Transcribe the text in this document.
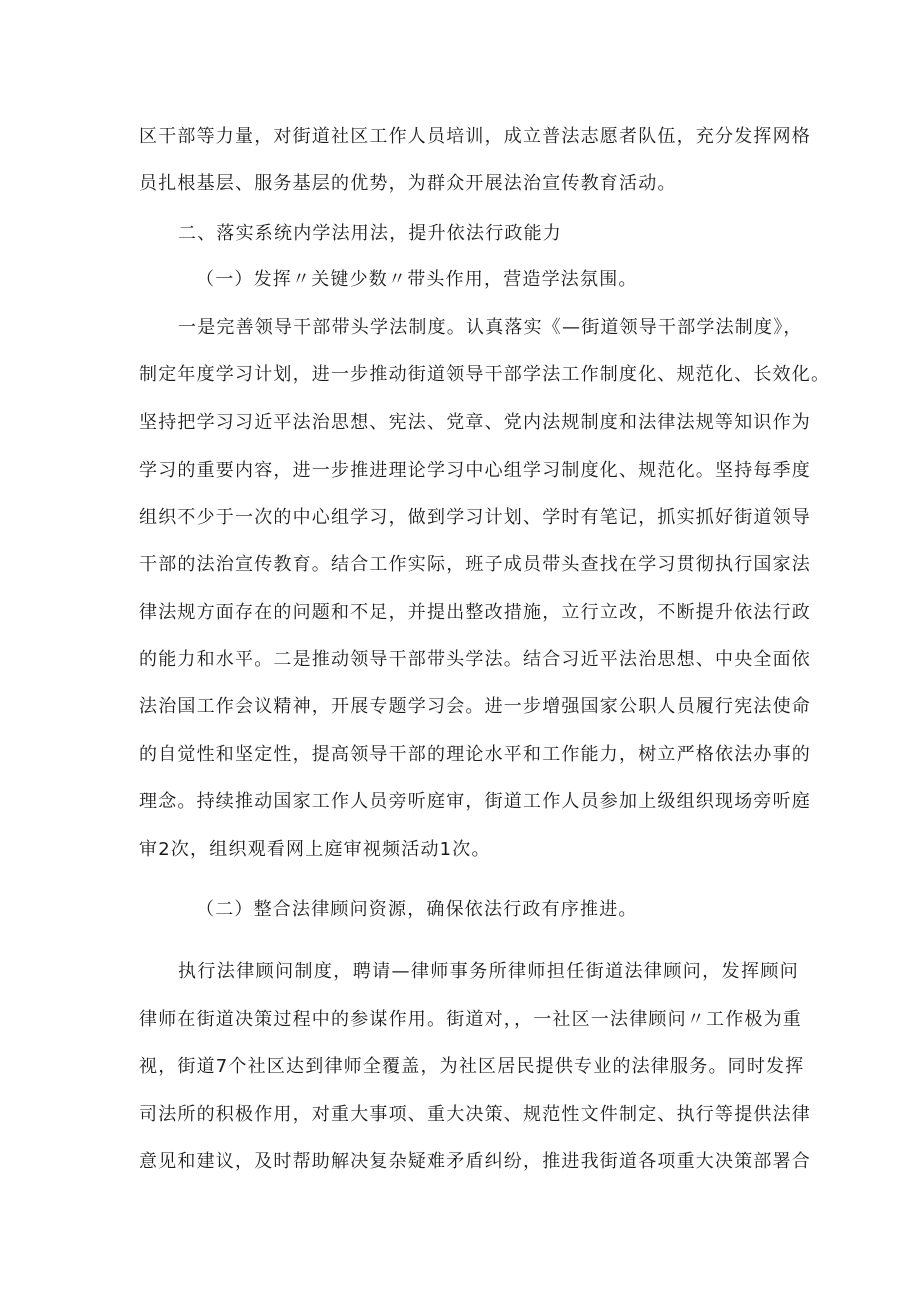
区干部等力量，对街道社区工作人员培训，成立普法志愿者队伍，充分发挥网格
员扎根基层、服务基层的优势，为群众开展法治宣传教育活动。
二、落实系统内学法用法，提升依法行政能力
（一）发挥〃关键少数〃带头作用，营造学法氛围。
一是完善领导干部带头学法制度。认真落实《—街道领导干部学法制度》，
制定年度学习计划，进一步推动街道领导干部学法工作制度化、规范化、长效化。
坚持把学习习近平法治思想、宪法、党章、党内法规制度和法律法规等知识作为
学习的重要内容，进一步推进理论学习中心组学习制度化、规范化。坚持每季度
组织不少于一次的中心组学习，做到学习计划、学时有笔记，抓实抓好街道领导
干部的法治宣传教育。结合工作实际，班子成员带头查找在学习贯彻执行国家法
律法规方面存在的问题和不足，并提出整改措施，立行立改，不断提升依法行政
的能力和水平。二是推动领导干部带头学法。结合习近平法治思想、中央全面依
法治国工作会议精神，开展专题学习会。进一步增强国家公职人员履行宪法使命
的自觉性和坚定性，提高领导干部的理论水平和工作能力，树立严格依法办事的
理念。持续推动国家工作人员旁听庭审，街道工作人员参加上级组织现场旁听庭
审2次，组织观看网上庭审视频活动1次。
（二）整合法律顾问资源，确保依法行政有序推进。
执行法律顾问制度，聘请—律师事务所律师担任街道法律顾问，发挥顾问
律师在街道决策过程中的参谋作用。街道对，，一社区一法律顾问〃工作极为重
视，街道7个社区达到律师全覆盖，为社区居民提供专业的法律服务。同时发挥
司法所的积极作用，对重大事项、重大决策、规范性文件制定、执行等提供法律
意见和建议，及时帮助解决复杂疑难矛盾纠纷，推进我街道各项重大决策部署合
